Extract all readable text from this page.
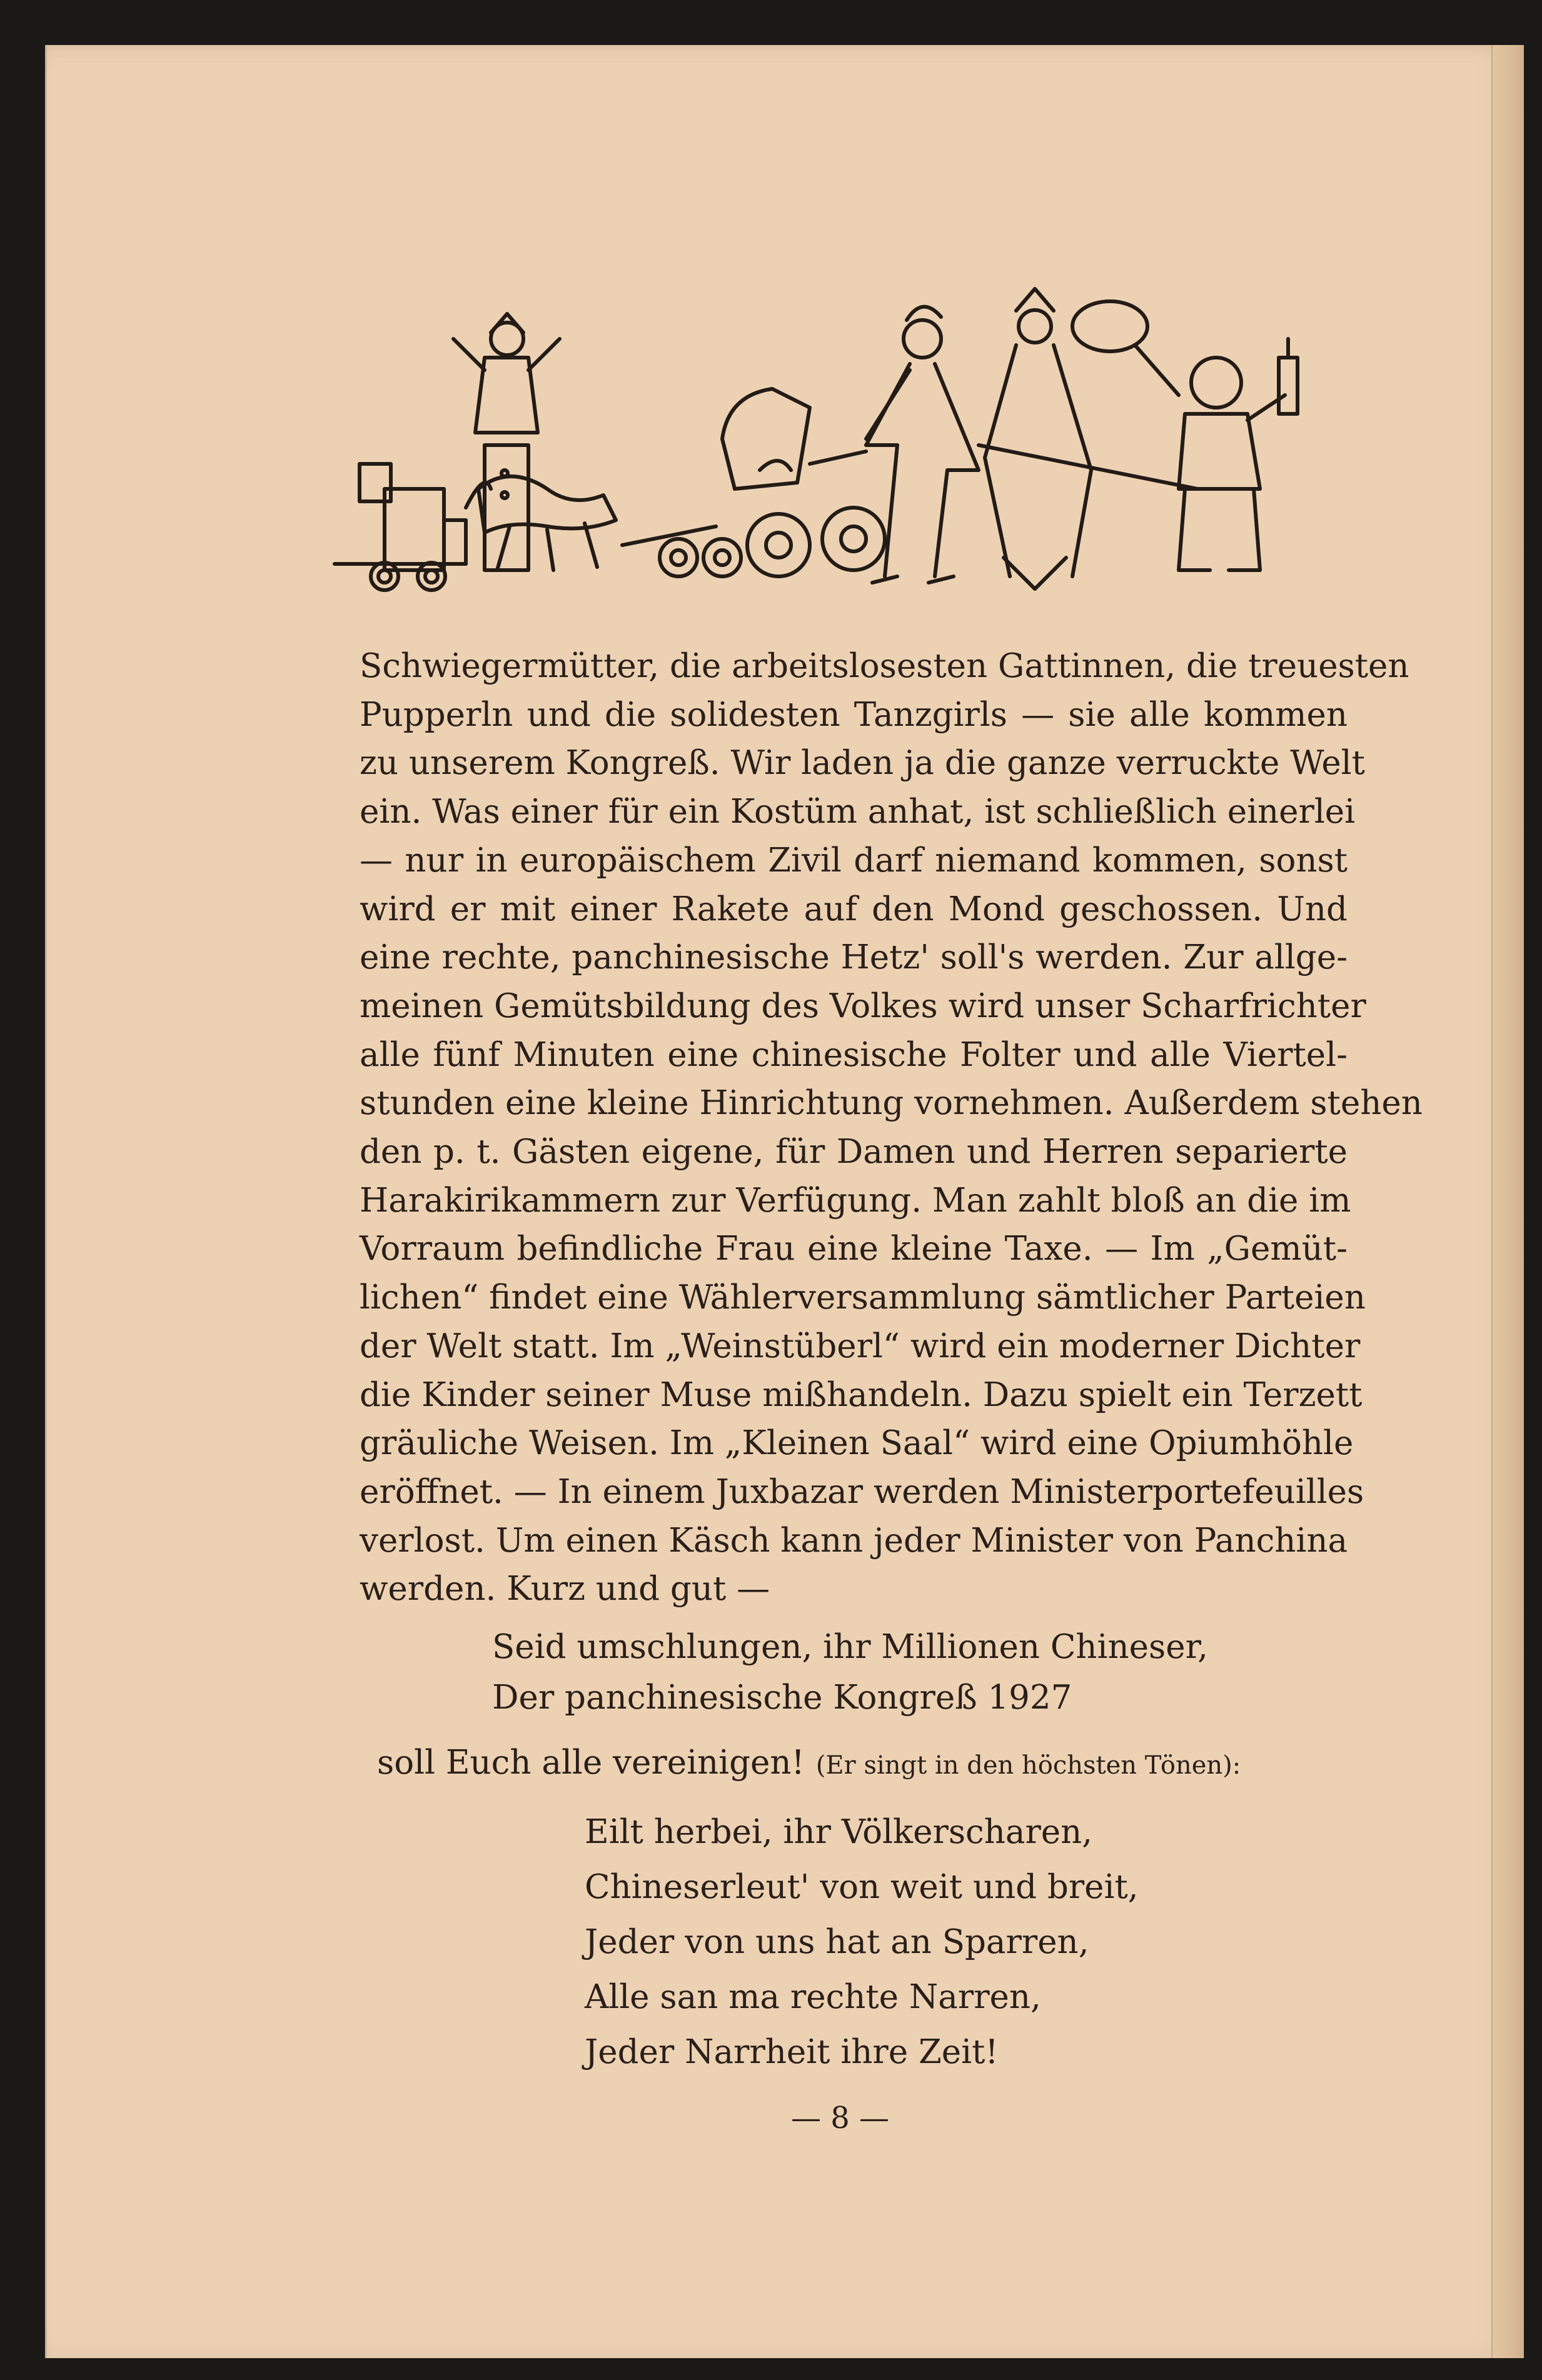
Schwiegermütter, die arbeitslosesten Gattinnen, die treuesten

Pupperln und die solidesten Tanzgirls — sie alle kommen

zu unserem Kongreß. Wir laden ja die ganze verruckte Welt

ein. Was einer für ein Kostüm anhat, ist schließlich einerlei

— nur in europäischem Zivil darf niemand kommen, sonst

wird er mit einer Rakete auf den Mond geschossen. Und

eine rechte, panchinesische Hetz' soll's werden. Zur allge-

meinen Gemütsbildung des Volkes wird unser Scharfrichter

alle fünf Minuten eine chinesische Folter und alle Viertel-

stunden eine kleine Hinrichtung vornehmen. Außerdem stehen

den p. t. Gästen eigene, für Damen und Herren separierte

Harakirikammern zur Verfügung. Man zahlt bloß an die im

Vorraum befindliche Frau eine kleine Taxe. — Im „Gemüt-

lichen“ findet eine Wählerversammlung sämtlicher Parteien

der Welt statt. Im „Weinstüberl“ wird ein moderner Dichter

die Kinder seiner Muse mißhandeln. Dazu spielt ein Terzett

gräuliche Weisen. Im „Kleinen Saal“ wird eine Opiumhöhle

eröffnet. — In einem Juxbazar werden Ministerportefeuilles

verlost. Um einen Käsch kann jeder Minister von Panchina

werden. Kurz und gut —

Seid umschlungen, ihr Millionen Chineser,
Der panchinesische Kongreß 1927
soll Euch alle vereinigen! (Er singt in den höchsten Tönen):
Eilt herbei, ihr Völkerscharen,
Chineserleut' von weit und breit,
Jeder von uns hat an Sparren,
Alle san ma rechte Narren,
Jeder Narrheit ihre Zeit!
— 8 —
